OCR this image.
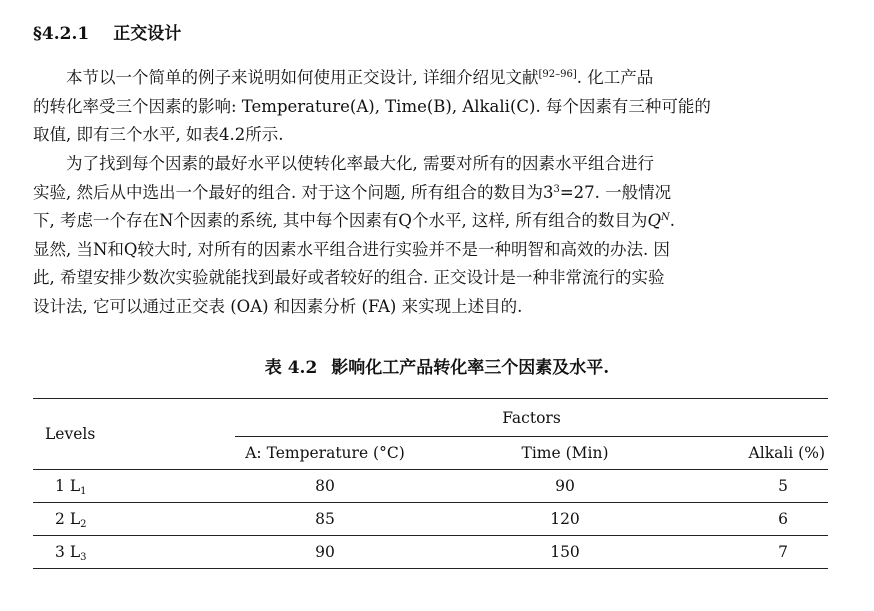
§4.2.1 正交设计
本节以一个简单的例子来说明如何使用正交设计, 详细介绍见文献[92–96]. 化工产品
的转化率受三个因素的影响: Temperature(A), Time(B), Alkali(C). 每个因素有三种可能的
取值, 即有三个水平, 如表4.2所示.
为了找到每个因素的最好水平以使转化率最大化, 需要对所有的因素水平组合进行
实验, 然后从中选出一个最好的组合. 对于这个问题, 所有组合的数目为$3^3=27$. 一般情况
下, 考虑一个存在N个因素的系统, 其中每个因素有Q个水平, 这样, 所有组合的数目为$Q^N$.
显然, 当N和Q较大时, 对所有的因素水平组合进行实验并不是一种明智和高效的办法. 因
此, 希望安排少数次实验就能找到最好或者较好的组合. 正交设计是一种非常流行的实验
设计法, 它可以通过正交表 (OA) 和因素分析 (FA) 来实现上述目的.
表 4.2 影响化工产品转化率三个因素及水平.
Levels	Factors		
	A: Temperature (°C)	Time (Min)	Alkali (%)
1 $L_1$	80	90	5
2 $L_2$	85	120	6
3 $L_3$	90	150	7
